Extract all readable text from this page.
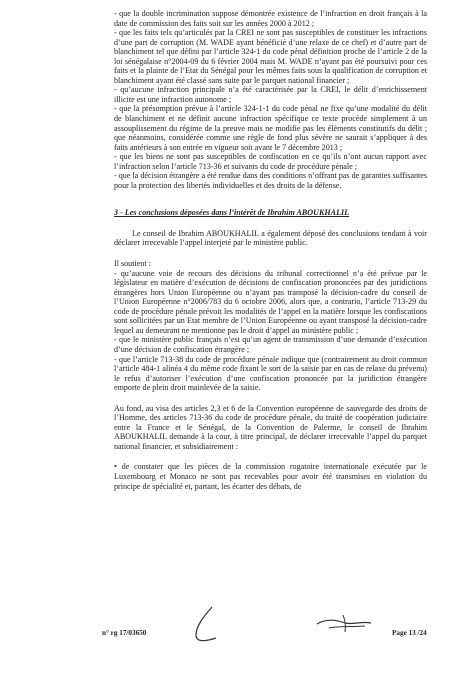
- que la double incrimination suppose démontrée existence de l’infraction en droit français à la date de commission des faits soit sur les années 2000 à 2012 ;

- que les faits tels qu’articulés par la CREI ne sont pas susceptibles de constituer les infractions d’une part de corruption (M. WADE ayant bénéficié d’une relaxe de ce chef) et d’autre part de blanchiment tel que défini par l’article 324-1 du code pénal définition proche de l’article 2 de la loi sénégalaise n°2004-09 du 6 février 2004 mais M. WADE n’ayant pas été poursuivi pour ces faits et la plainte de l’Etat du Sénégal pour les mêmes faits sous la qualification de corruption et blanchiment ayant été classé sans suite par le parquet national financier ;

- qu’aucune infraction principale n’a été caractérisée par la CREI, le délit d’enrichissement illicite est une infraction autonome ;

- que la présomption prévue à l’article 324-1-1 du code pénal ne fixe qu’une modalité du délit de blanchiment et ne définit aucune infraction spécifique ce texte procède simplement à un assouplissement du régime de la preuve mais ne modifie pas les éléments constitutifs du délit ; que néanmoins, considérée comme une règle de fond plus sévère ne saurait s’appliquer à des faits antérieurs à son entrée en vigueur soit avant le 7 décembre 2013 ;

- que les biens ne sont pas susceptibles de confiscation en ce qu’ils n’ont aucun rapport avec l’infraction selon l’article 713-36 et suivants du code de procédure pénale ;

- que la décision étrangère a été rendue dans des conditions n’offrant pas de garanties suffisantes pour la protection des libertés individuelles et des droits de la défense.

3 - Les conclusions déposées dans l’intérêt de Ibrahim ABOUKHALIL

Le conseil de Ibrahim ABOUKHALIL a également déposé des conclusions tendant à voir déclarer irrecevable l’appel interjeté par le ministère public.

Il soutient :

- qu’aucune voie de recours des décisions du tribunal correctionnel n’a été prévue par le législateur en matière d’exécution de décisions de confiscation prononcées par des juridictions étrangères hors Union Européenne ou n’ayant pas transposé la décision-cadre du conseil de l’Union Européenne n°2006/783 du 6 octobre 2006, alors que, a contrario, l’article 713-29 du code de procédure pénale prévoit les modalités de l’appel en la matière lorsque les confiscations sont sollicitées par un Etat membre de l’Union Européenne ou ayant transposé la décision-cadre lequel au demeurant ne mentionne pas le droit d’appel au ministère public ;

- que le ministère public français n’est qu’un agent de transmission d’une demande d’exécution d’une décision de confiscation étrangère ;

- que l’article 713-38 du code de procédure pénale indique que (contrairement au droit commun l’article 484-1 alinéa 4 du même code fixant le sort de la saisie par en cas de relaxe du prévenu) le refus d’autoriser l’exécution d’une confiscation prononcée par la juridiction étrangère emporte de plein droit mainlevée de la saisie.

Au fond, au visa des articles 2,3 et 6 de la Convention européenne de sauvegarde des droits de l’Homme, des articles 713-36 du code de procédure pénale, du traité de coopération judiciaire entre la France et le Sénégal, de la Convention de Palerme, le conseil de Ibrahim ABOUKHALIL demande à la cour, à titre principal, de déclarer irrecevable l’appel du parquet national financier, et subsidiairement :

• de constater que les pièces de la commission rogatoire internationale exécutée par le Luxembourg et Monaco ne sont pas recevables pour avoir été transmises en violation du principe de spécialité et, partant, les écarter des débats, de

n° rg 17/03650	Page 13 /24
